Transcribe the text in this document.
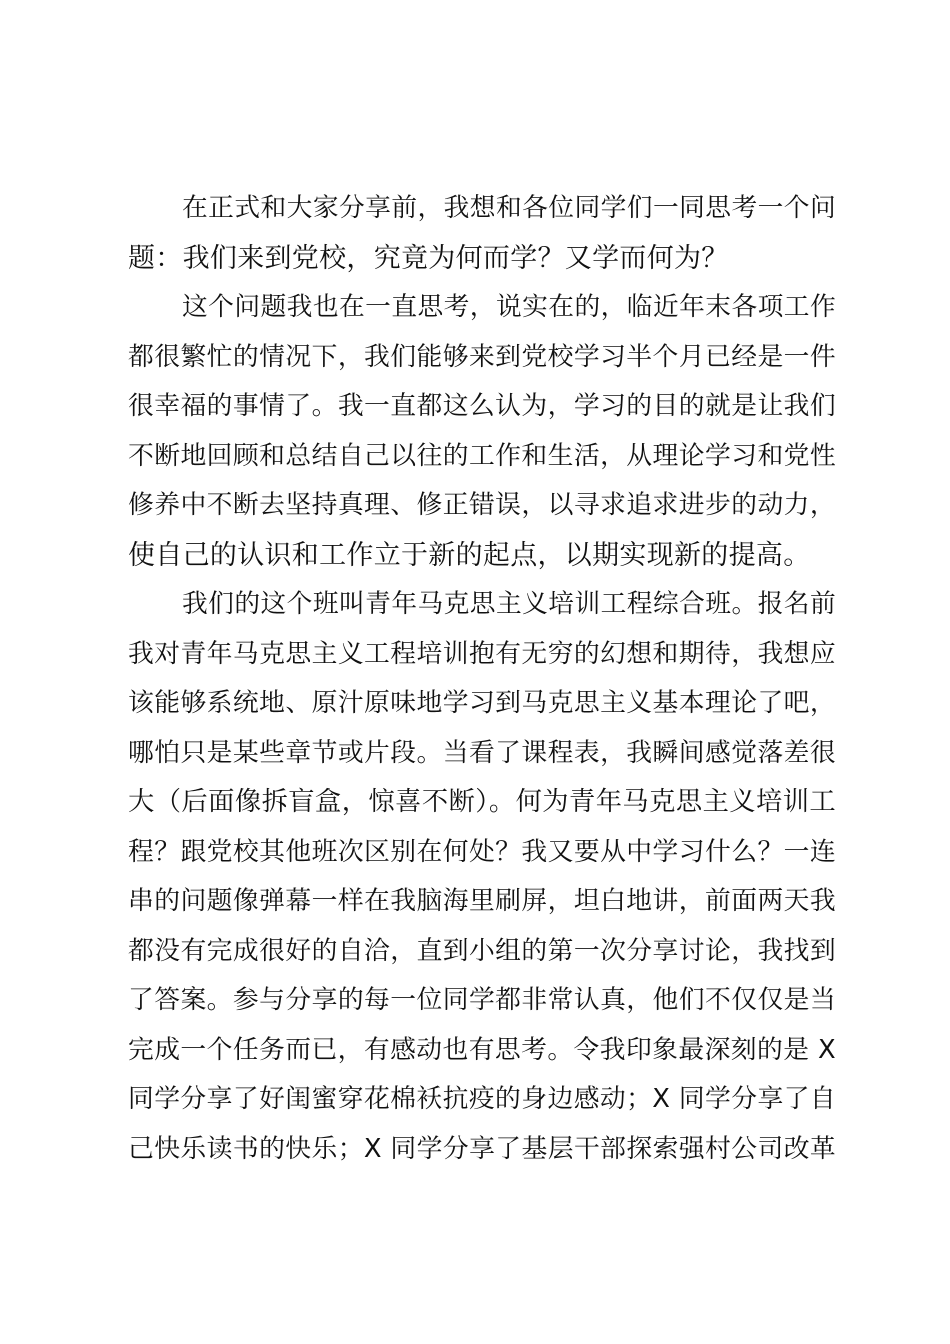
在正式和大家分享前，我想和各位同学们一同思考一个问
题：我们来到党校，究竟为何而学？又学而何为？

这个问题我也在一直思考，说实在的，临近年末各项工作
都很繁忙的情况下，我们能够来到党校学习半个月已经是一件
很幸福的事情了。我一直都这么认为，学习的目的就是让我们
不断地回顾和总结自己以往的工作和生活，从理论学习和党性
修养中不断去坚持真理、修正错误，以寻求追求进步的动力，
使自己的认识和工作立于新的起点，以期实现新的提高。

我们的这个班叫青年马克思主义培训工程综合班。报名前
我对青年马克思主义工程培训抱有无穷的幻想和期待，我想应
该能够系统地、原汁原味地学习到马克思主义基本理论了吧，
哪怕只是某些章节或片段。当看了课程表，我瞬间感觉落差很
大（后面像拆盲盒，惊喜不断）。何为青年马克思主义培训工
程？跟党校其他班次区别在何处？我又要从中学习什么？一连
串的问题像弹幕一样在我脑海里刷屏，坦白地讲，前面两天我
都没有完成很好的自洽，直到小组的第一次分享讨论，我找到
了答案。参与分享的每一位同学都非常认真，他们不仅仅是当
完成一个任务而已，有感动也有思考。令我印象最深刻的是 X
同学分享了好闺蜜穿花棉袄抗疫的身边感动；X 同学分享了自
己快乐读书的快乐；X 同学分享了基层干部探索强村公司改革
